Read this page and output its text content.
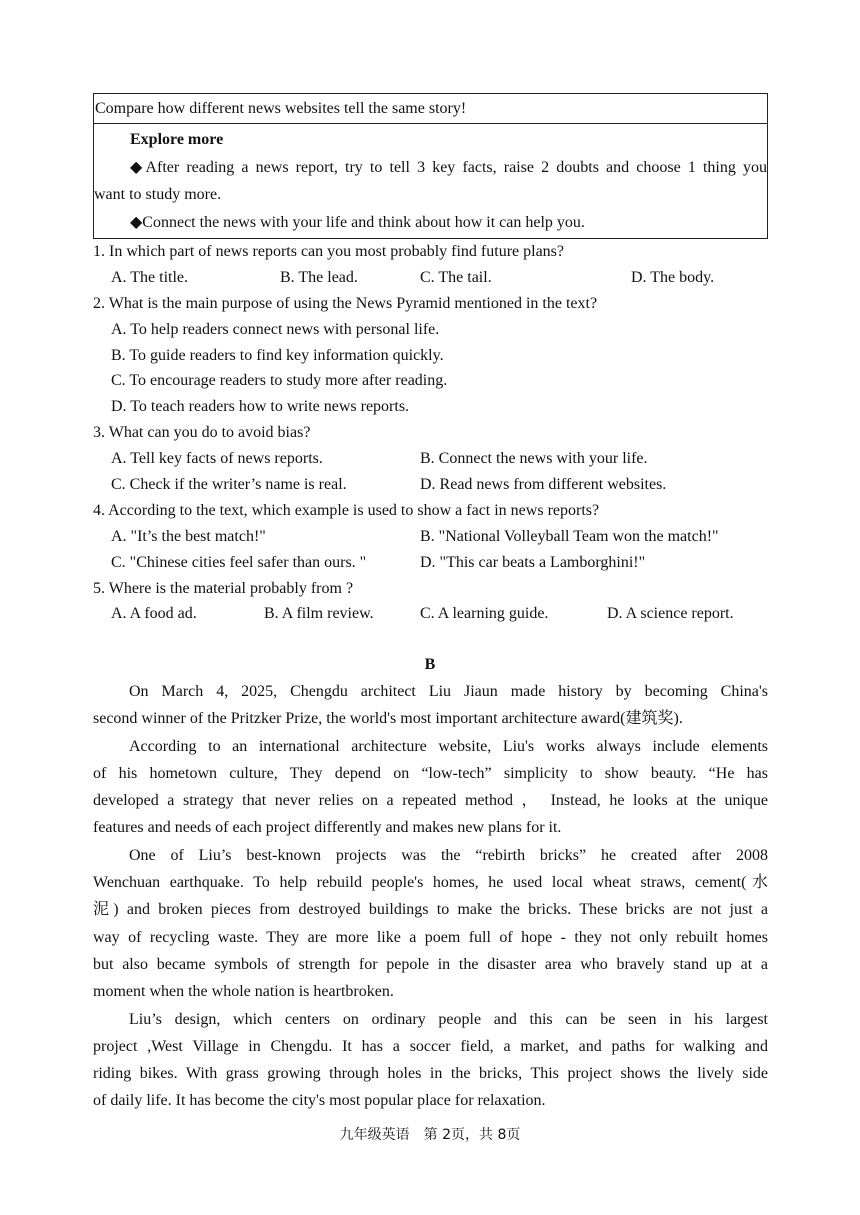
Compare how different news websites tell the same story!
Explore more
◆After reading a news report, try to tell 3 key facts, raise 2 doubts and choose 1 thing you
want to study more.
◆Connect the news with your life and think about how it can help you.
1. In which part of news reports can you most probably find future plans?
A. The title.	B. The lead.	C. The tail.	D. The body.
2. What is the main purpose of using the News Pyramid mentioned in the text?
A. To help readers connect news with personal life.
B. To guide readers to find key information quickly.
C. To encourage readers to study more after reading.
D. To teach readers how to write news reports.
3. What can you do to avoid bias?
A. Tell key facts of news reports.	B. Connect the news with your life.
C. Check if the writer’s name is real.	D. Read news from different websites.
4. According to the text, which example is used to show a fact in news reports?
A. "It’s the best match!"	B. "National Volleyball Team won the match!"
C. "Chinese cities feel safer than ours. "	D. "This car beats a Lamborghini!"
5. Where is the material probably from ?
A. A food ad.	B. A film review.	C. A learning guide.	D. A science report.
B
On March 4, 2025, Chengdu architect Liu Jiaun made history by becoming China's
second winner of the Pritzker Prize, the world's most important architecture award(建筑奖).
According to an international architecture website, Liu's works always include elements
of his hometown culture, They depend on “low-tech” simplicity to show beauty. “He has
developed a strategy that never relies on a repeated method ， Instead, he looks at the unique
features and needs of each project differently and makes new plans for it.
One of Liu’s best-known projects was the “rebirth bricks” he created after 2008
Wenchuan earthquake. To help rebuild people's homes, he used local wheat straws, cement(水
泥) and broken pieces from destroyed buildings to make the bricks. These bricks are not just a
way of recycling waste. They are more like a poem full of hope - they not only rebuilt homes
but also became symbols of strength for pepole in the disaster area who bravely stand up at a
moment when the whole nation is heartbroken.
Liu’s design, which centers on ordinary people and this can be seen in his largest
project ,West Village in Chengdu. It has a soccer field, a market, and paths for walking and
riding bikes. With grass growing through holes in the bricks, This project shows the lively side
of daily life. It has become the city's most popular place for relaxation.
九年级英语　第 2页，共 8页
